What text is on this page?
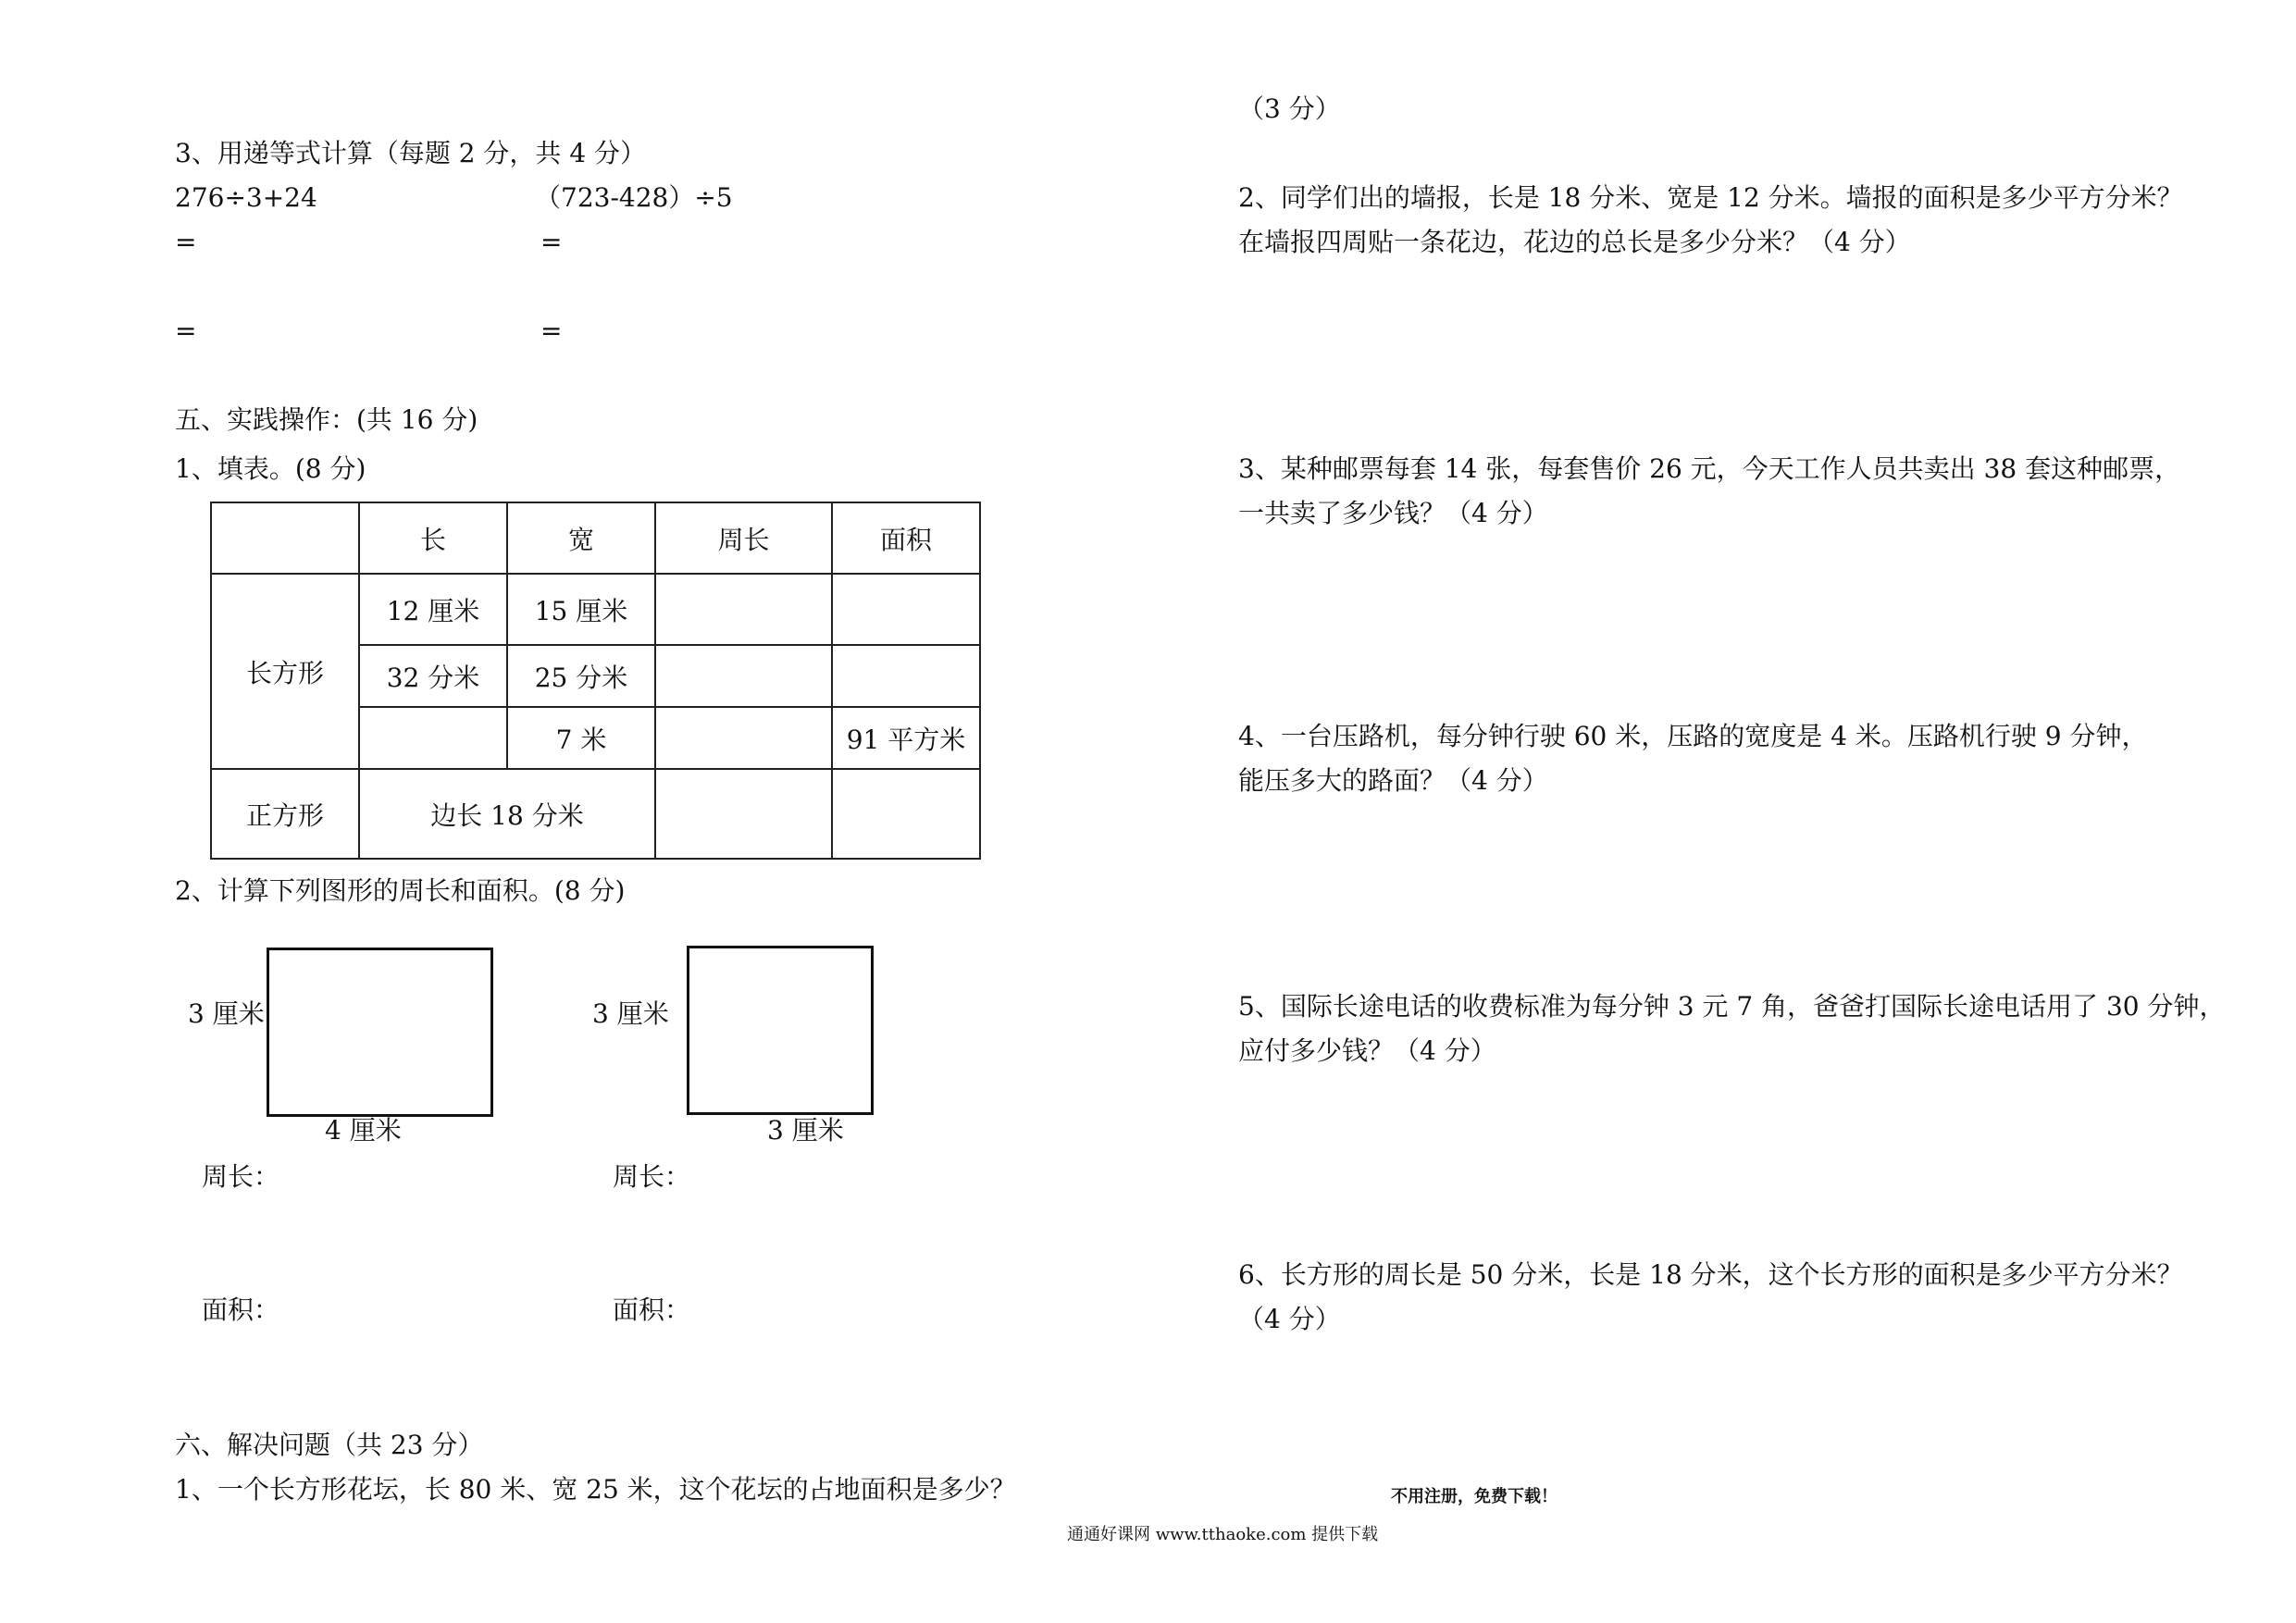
3、用递等式计算（每题 2 分，共 4 分）
276÷3+24	（723-428）÷5
=	=
=	=
五、实践操作：(共 16 分)
1、填表。(8 分)
	长	宽	周长	面积
长方形	12 厘米	15 厘米		
	32 分米	25 分米		
		7 米		91 平方米
正方形	边长 18 分米			
2、计算下列图形的周长和面积。(8 分)
3 厘米
4 厘米
3 厘米
3 厘米
周长：	周长：
面积：	面积：
六、解决问题（共 23 分）
1、一个长方形花坛，长 80 米、宽 25 米，这个花坛的占地面积是多少？
（3 分）
2、同学们出的墙报，长是 18 分米、宽是 12 分米。墙报的面积是多少平方分米？
在墙报四周贴一条花边，花边的总长是多少分米？（4 分）
3、某种邮票每套 14 张，每套售价 26 元，今天工作人员共卖出 38 套这种邮票，
一共卖了多少钱？（4 分）
4、一台压路机，每分钟行驶 60 米，压路的宽度是 4 米。压路机行驶 9 分钟，
能压多大的路面？（4 分）
5、国际长途电话的收费标准为每分钟 3 元 7 角，爸爸打国际长途电话用了 30 分钟，
应付多少钱？（4 分）
6、长方形的周长是 50 分米，长是 18 分米，这个长方形的面积是多少平方分米？
（4 分）
不用注册，免费下载！
通通好课网 www.tthaoke.com 提供下载
